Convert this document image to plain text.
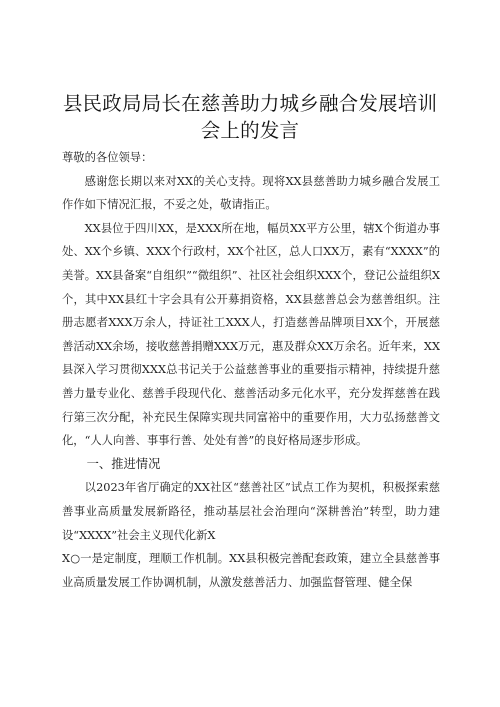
县民政局局长在慈善助力城乡融合发展培训会上的发言

尊敬的各位领导：

感谢您长期以来对XX的关心支持。现将XX县慈善助力城乡融合发展工作作如下情况汇报，不妥之处，敬请指正。

XX县位于四川XX，是XXX所在地，幅员XX平方公里，辖X个街道办事处、XX个乡镇、XXX个行政村，XX个社区，总人口XX万，素有“XXXX”的美誉。XX县备案“自组织”“微组织”、社区社会组织XXX个，登记公益组织X个，其中XX县红十字会具有公开募捐资格，XX县慈善总会为慈善组织。注册志愿者XXX万余人，持证社工XXX人，打造慈善品牌项目XX个，开展慈善活动XX余场，接收慈善捐赠XXX万元，惠及群众XX万余名。近年来，XX县深入学习贯彻XXX总书记关于公益慈善事业的重要指示精神，持续提升慈善力量专业化、慈善手段现代化、慈善活动多元化水平，充分发挥慈善在践行第三次分配，补充民生保障实现共同富裕中的重要作用，大力弘扬慈善文化，“人人向善、事事行善、处处有善”的良好格局逐步形成。

一、推进情况

以2023年省厅确定的XX社区“慈善社区”试点工作为契机，积极探索慈善事业高质量发展新路径，推动基层社会治理向“深耕善治”转型，助力建设“XXXX”社会主义现代化新X

X○一是定制度，理顺工作机制。XX县积极完善配套政策，建立全县慈善事业高质量发展工作协调机制，从激发慈善活力、加强监督管理、健全保
